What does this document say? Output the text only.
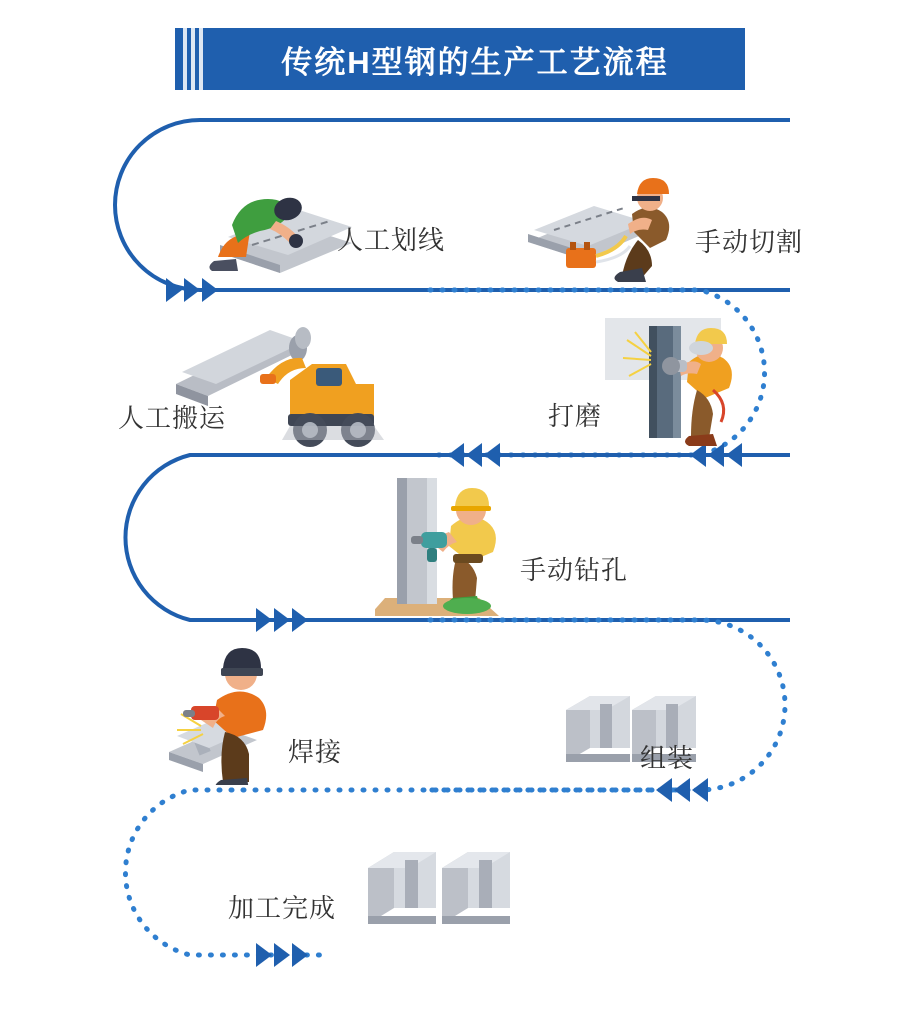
传统H型钢的生产工艺流程
人工划线	手动切割
人工搬运	打磨
手动钻孔
焊接	组装
加工完成
